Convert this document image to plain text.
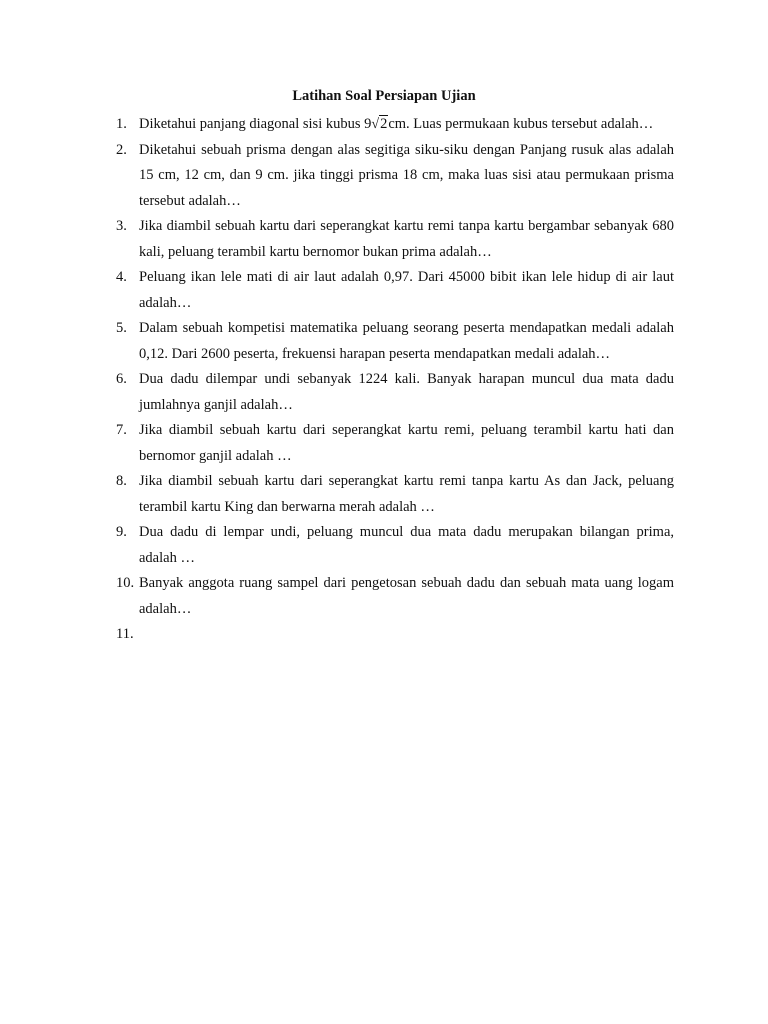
Latihan Soal Persiapan Ujian
1. Diketahui panjang diagonal sisi kubus 9√2cm. Luas permukaan kubus tersebut adalah…
2. Diketahui sebuah prisma dengan alas segitiga siku-siku dengan Panjang rusuk alas adalah 15 cm, 12 cm, dan 9 cm. jika tinggi prisma 18 cm, maka luas sisi atau permukaan prisma tersebut adalah…
3. Jika diambil sebuah kartu dari seperangkat kartu remi tanpa kartu bergambar sebanyak 680 kali, peluang terambil kartu bernomor bukan prima adalah…
4. Peluang ikan lele mati di air laut adalah 0,97. Dari 45000 bibit ikan lele hidup di air laut adalah…
5. Dalam sebuah kompetisi matematika peluang seorang peserta mendapatkan medali adalah 0,12. Dari 2600 peserta, frekuensi harapan peserta mendapatkan medali adalah…
6. Dua dadu dilempar undi sebanyak 1224 kali. Banyak harapan muncul dua mata dadu jumlahnya ganjil adalah…
7. Jika diambil sebuah kartu dari seperangkat kartu remi, peluang terambil kartu hati dan bernomor ganjil adalah …
8. Jika diambil sebuah kartu dari seperangkat kartu remi tanpa kartu As dan Jack, peluang terambil kartu King dan berwarna merah adalah …
9. Dua dadu di lempar undi, peluang muncul dua mata dadu merupakan bilangan prima, adalah …
10. Banyak anggota ruang sampel dari pengetosan sebuah dadu dan sebuah mata uang logam adalah…
11.
